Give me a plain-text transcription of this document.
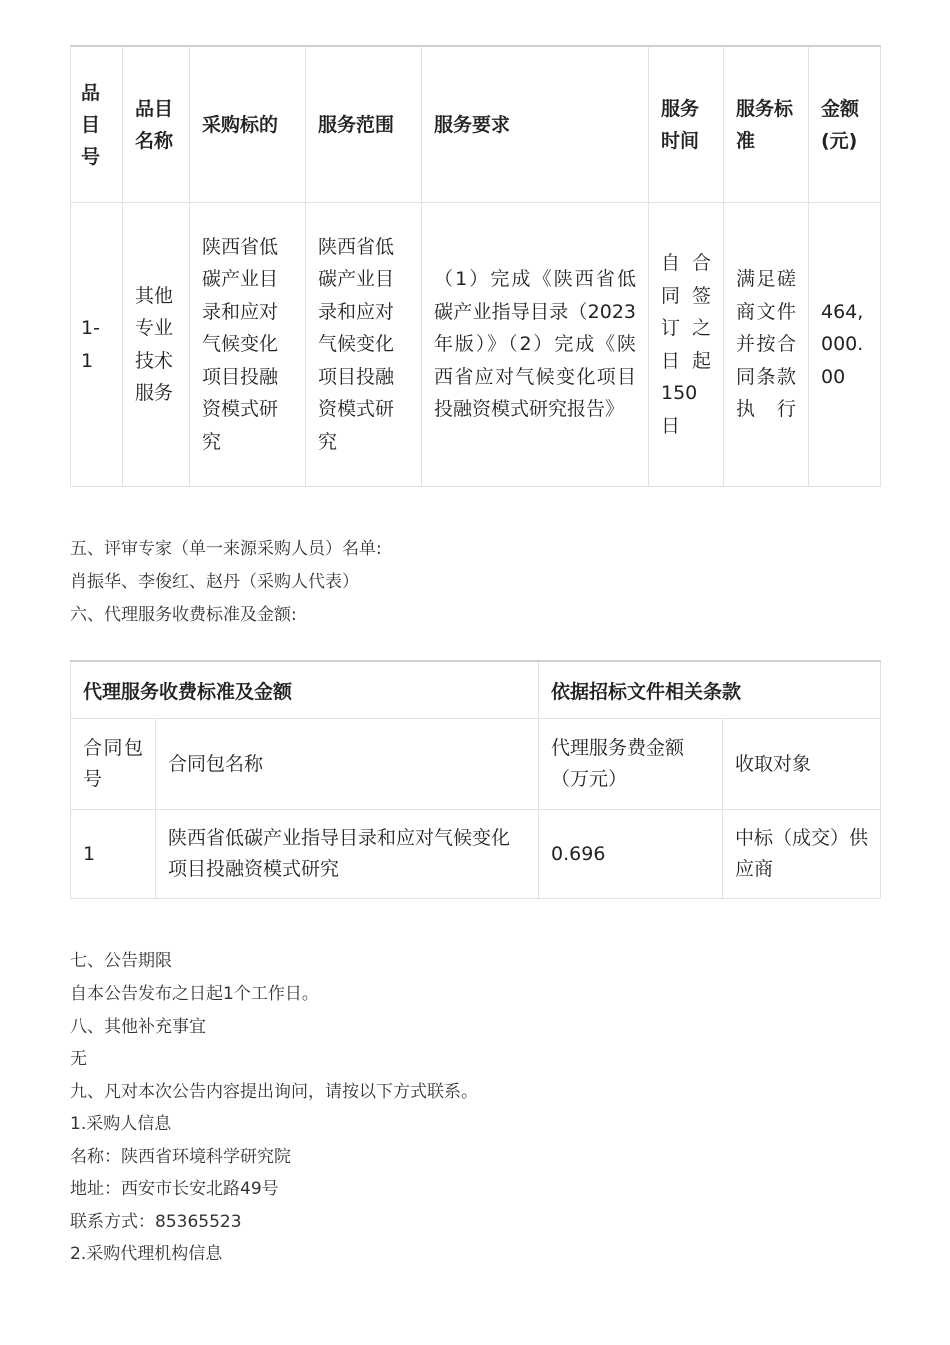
品目号	品目名称	采购标的	服务范围	服务要求	服务时间	服务标准	金额(元)
1-1	其他专业技术服务	陕西省低碳产业目录和应对气候变化项目投融资模式研究	陕西省低碳产业目录和应对气候变化项目投融资模式研究	（1）完成《陕西省低碳产业指导目录（2023年版）》（2）完成《陕西省应对气候变化项目投融资模式研究报告》	自合同签订之日起150日	满足磋商文件并按合同条款执行	464,000.00

五、评审专家（单一来源采购人员）名单:

肖振华、李俊红、赵丹（采购人代表）

六、代理服务收费标准及金额:

代理服务收费标准及金额		依据招标文件相关条款	
合同包号	合同包名称	代理服务费金额（万元）	收取对象
1	陕西省低碳产业指导目录和应对气候变化项目投融资模式研究	0.696	中标（成交）供应商

七、公告期限

自本公告发布之日起1个工作日。

八、其他补充事宜

无

九、凡对本次公告内容提出询问，请按以下方式联系。

1.采购人信息

名称：陕西省环境科学研究院

地址：西安市长安北路49号

联系方式：85365523

2.采购代理机构信息
